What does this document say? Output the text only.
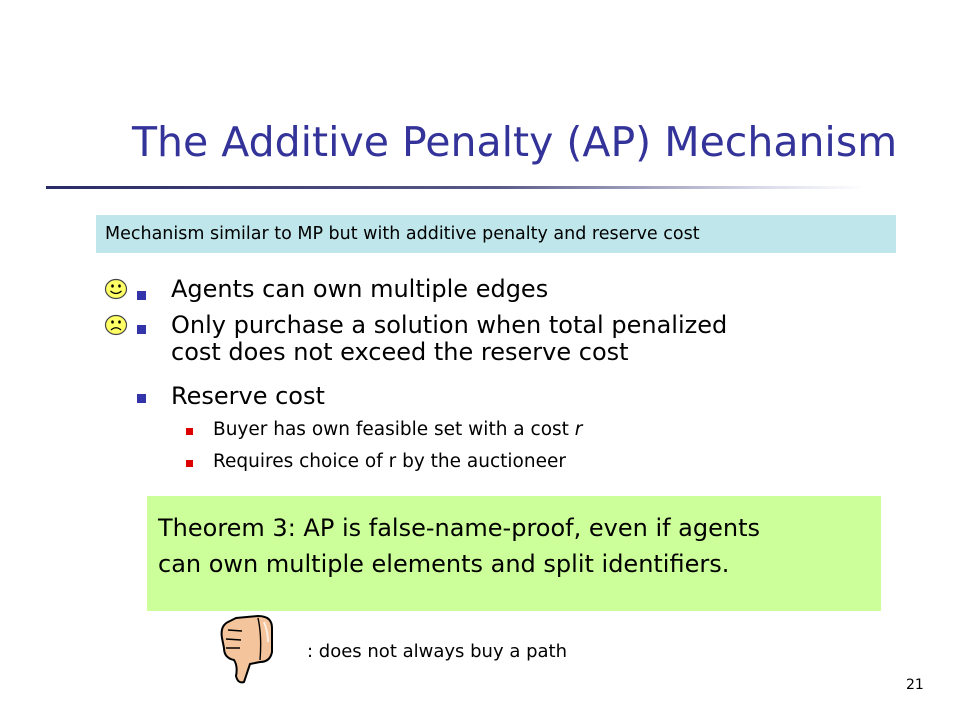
The Additive Penalty (AP) Mechanism
Mechanism similar to MP but with additive penalty and reserve cost
Agents can own multiple edges
Only purchase a solution when total penalized
cost does not exceed the reserve cost
Reserve cost
Buyer has own feasible set with a cost r
Requires choice of r by the auctioneer
Theorem 3: AP is false-name-proof, even if agents
can own multiple elements and split identifiers.
: does not always buy a path
21
